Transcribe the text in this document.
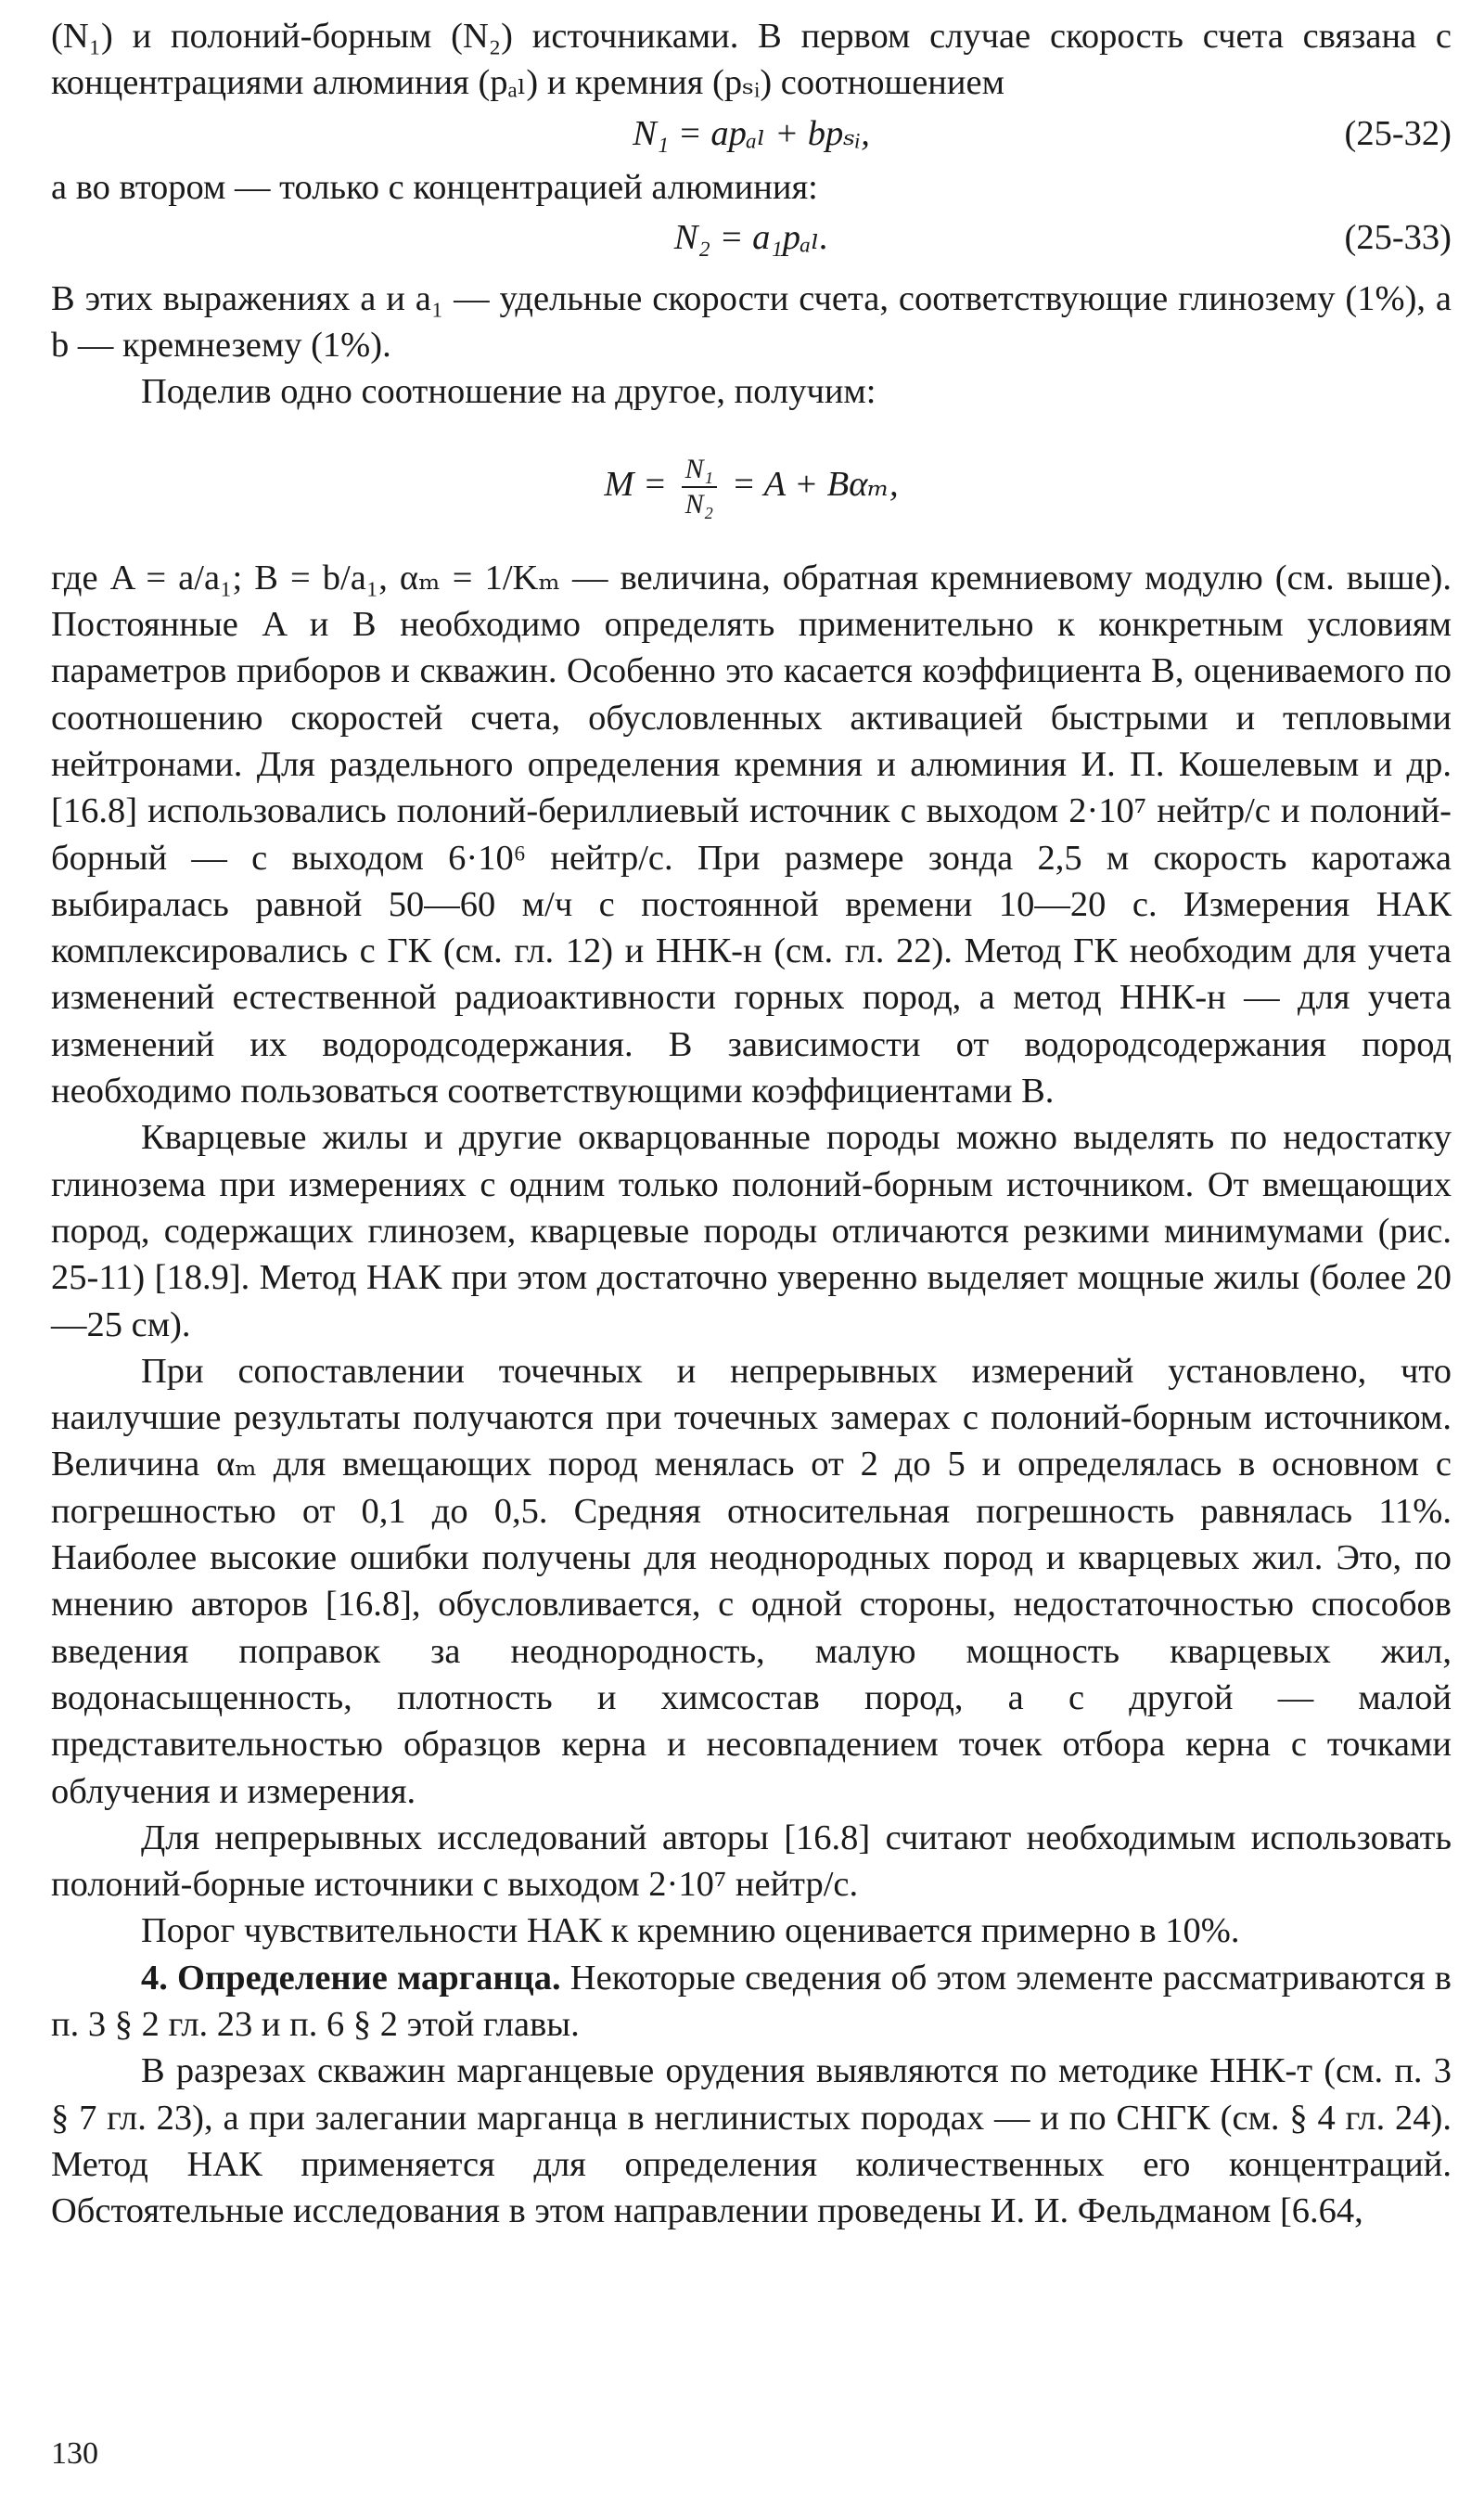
(N₁) и полоний-борным (N₂) источниками. В первом случае скорость счета связана с концентрациями алюминия (pₐₗ) и кремния (pₛᵢ) соотношением

N₁ = apₐₗ + bpₛᵢ,	(25-32)

а во втором — только с концентрацией алюминия:

N₂ = a₁pₐₗ.	(25-33)

В этих выражениях a и a₁ — удельные скорости счета, соответствующие глинозему (1%), а b — кремнезему (1%).

Поделив одно соотношение на другое, получим:

$M = \frac{\text{N₁}}{\text{N₂}} = A + B\alpha_m$,

где A = a/a₁; B = b/a₁, αₘ = 1/Kₘ — величина, обратная кремниевому модулю (см. выше). Постоянные A и B необходимо определять применительно к конкретным условиям параметров приборов и скважин. Особенно это касается коэффициента B, оцениваемого по соотношению скоростей счета, обусловленных активацией быстрыми и тепловыми нейтронами. Для раздельного определения кремния и алюминия И. П. Кошелевым и др. [16.8] использовались полоний-бериллиевый источник с выходом 2·10⁷ нейтр/с и полоний-борный — с выходом 6·10⁶ нейтр/с. При размере зонда 2,5 м скорость каротажа выбиралась равной 50—60 м/ч с постоянной времени 10—20 с. Измерения НАК комплексировались с ГК (см. гл. 12) и ННК-н (см. гл. 22). Метод ГК необходим для учета изменений естественной радиоактивности горных пород, а метод ННК-н — для учета изменений их водородсодержания. В зависимости от водородсодержания пород необходимо пользоваться соответствующими коэффициентами B.

Кварцевые жилы и другие окварцованные породы можно выделять по недостатку глинозема при измерениях с одним только полоний-борным источником. От вмещающих пород, содержащих глинозем, кварцевые породы отличаются резкими минимумами (рис. 25-11) [18.9]. Метод НАК при этом достаточно уверенно выделяет мощные жилы (более 20—25 см).

При сопоставлении точечных и непрерывных измерений установлено, что наилучшие результаты получаются при точечных замерах с полоний-борным источником. Величина αₘ для вмещающих пород менялась от 2 до 5 и определялась в основном с погрешностью от 0,1 до 0,5. Средняя относительная погрешность равнялась 11%. Наиболее высокие ошибки получены для неоднородных пород и кварцевых жил. Это, по мнению авторов [16.8], обусловливается, с одной стороны, недостаточностью способов введения поправок за неоднородность, малую мощность кварцевых жил, водонасыщенность, плотность и химсостав пород, а с другой — малой представительностью образцов керна и несовпадением точек отбора керна с точками облучения и измерения.

Для непрерывных исследований авторы [16.8] считают необходимым использовать полоний-борные источники с выходом 2·10⁷ нейтр/с.

Порог чувствительности НАК к кремнию оценивается примерно в 10%.

4. Определение марганца. Некоторые сведения об этом элементе рассматриваются в п. 3 § 2 гл. 23 и п. 6 § 2 этой главы.

В разрезах скважин марганцевые орудения выявляются по методике ННК-т (см. п. 3 § 7 гл. 23), а при залегании марганца в неглинистых породах — и по СНГК (см. § 4 гл. 24). Метод НАК применяется для определения количественных его концентраций. Обстоятельные исследования в этом направлении проведены И. И. Фельдманом [6.64,

130
